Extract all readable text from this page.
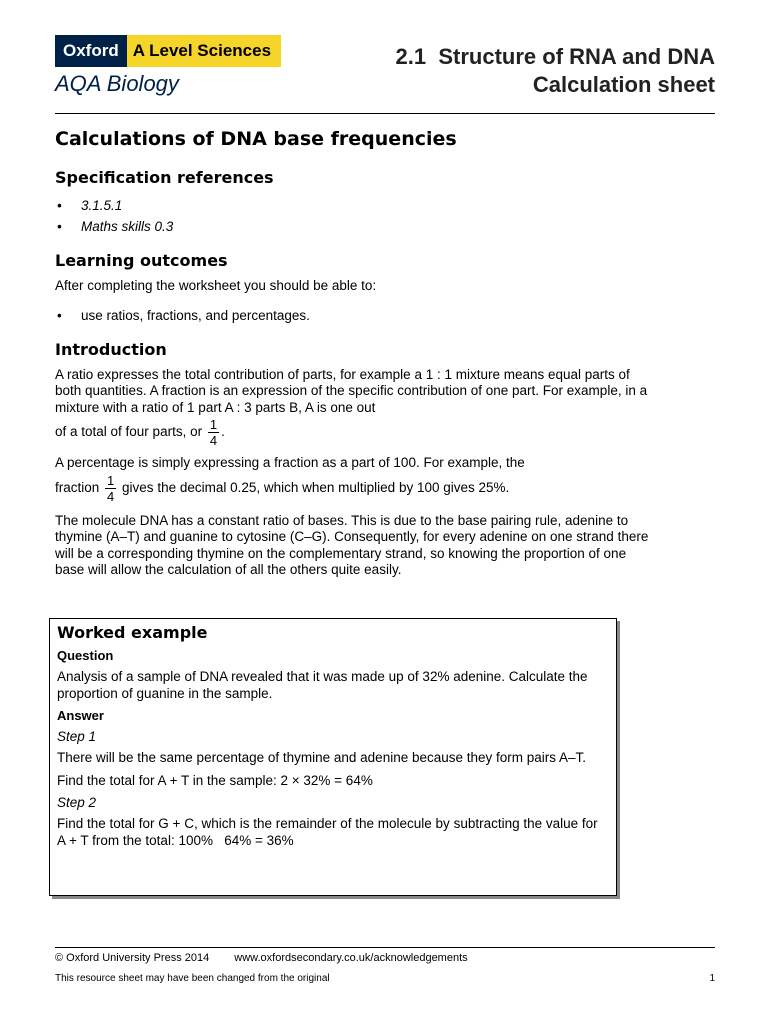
Oxford A Level Sciences
AQA Biology
2.1  Structure of RNA and DNA
Calculation sheet
Calculations of DNA base frequencies
Specification references
• 3.1.5.1
• Maths skills 0.3
Learning outcomes

After completing the worksheet you should be able to:

• use ratios, fractions, and percentages.
Introduction

A ratio expresses the total contribution of parts, for example a 1 : 1 mixture means equal parts of both quantities. A fraction is an expression of the specific contribution of one part. For example, in a mixture with a ratio of 1 part A : 3 parts B, A is one out

of a total of four parts, or $\frac{1}{4}$ .

A percentage is simply expressing a fraction as a part of 100. For example, the

fraction $\frac{1}{4}$ gives the decimal 0.25, which when multiplied by 100 gives 25%.

The molecule DNA has a constant ratio of bases. This is due to the base pairing rule, adenine to thymine (A–T) and guanine to cytosine (C–G). Consequently, for every adenine on one strand there will be a corresponding thymine on the complementary strand, so knowing the proportion of one base will allow the calculation of all the others quite easily.

Worked example
Question

Analysis of a sample of DNA revealed that it was made up of 32% adenine. Calculate the proportion of guanine in the sample.

Answer
Step 1

There will be the same percentage of thymine and adenine because they form pairs A–T.

Find the total for A + T in the sample: 2 × 32% = 64%

Step 2

Find the total for G + C, which is the remainder of the molecule by subtracting the value for A + T from the total: 100%   64% = 36%

© Oxford University Press 2014 www.oxfordsecondary.co.uk/acknowledgements
This resource sheet may have been changed from the original	1
